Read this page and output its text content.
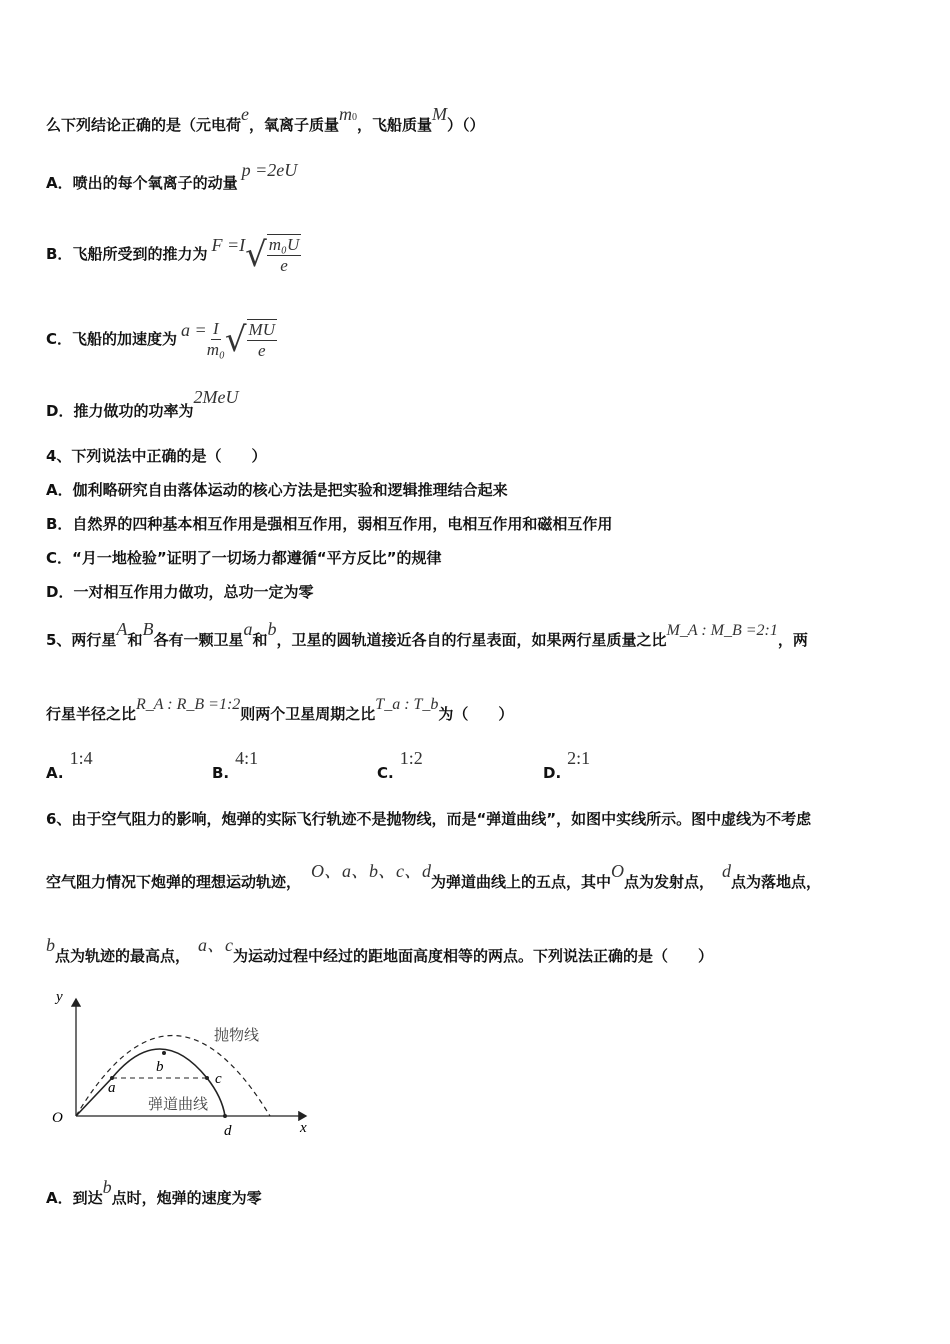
么下列结论正确的是（元电荷e，氧离子质量m0，飞船质量M）（）
A．喷出的每个氧离子的动量p =2eU
B．飞船所受到的推力为 F =I √ $\frac{\text{m₀U}}{e}$
C．飞船的加速度为 $a = \frac{I}{\text{m₀}}$ √ $\frac{MU}{e}$
D．推力做功的功率为2MeU
4、下列说法中正确的是（　　）
A．伽利略研究自由落体运动的核心方法是把实验和逻辑推理结合起来
B．自然界的四种基本相互作用是强相互作用，弱相互作用，电相互作用和磁相互作用
C．“月一地检验”证明了一切场力都遵循“平方反比”的规律
D．一对相互作用力做功，总功一定为零
5、两行星A和B各有一颗卫星a和b，卫星的圆轨道接近各自的行星表面，如果两行星质量之比M_A : M_B =2:1，两
行星半径之比R_A : R_B =1:2则两个卫星周期之比T_a : T_b为（　　）
A.1:4
B.4:1
C.1:2
D.2:1
6、由于空气阻力的影响，炮弹的实际飞行轨迹不是抛物线，而是“弹道曲线”，如图中实线所示。图中虚线为不考虑
空气阻力情况下炮弹的理想运动轨迹，O、a、b、c、d为弹道曲线上的五点，其中O点为发射点，d点为落地点，
b点为轨迹的最高点，a、c为运动过程中经过的距地面高度相等的两点。下列说法正确的是（　　）
y
x
O
a
b
c
d
抛物线
弹道曲线
A．到达b点时，炮弹的速度为零
